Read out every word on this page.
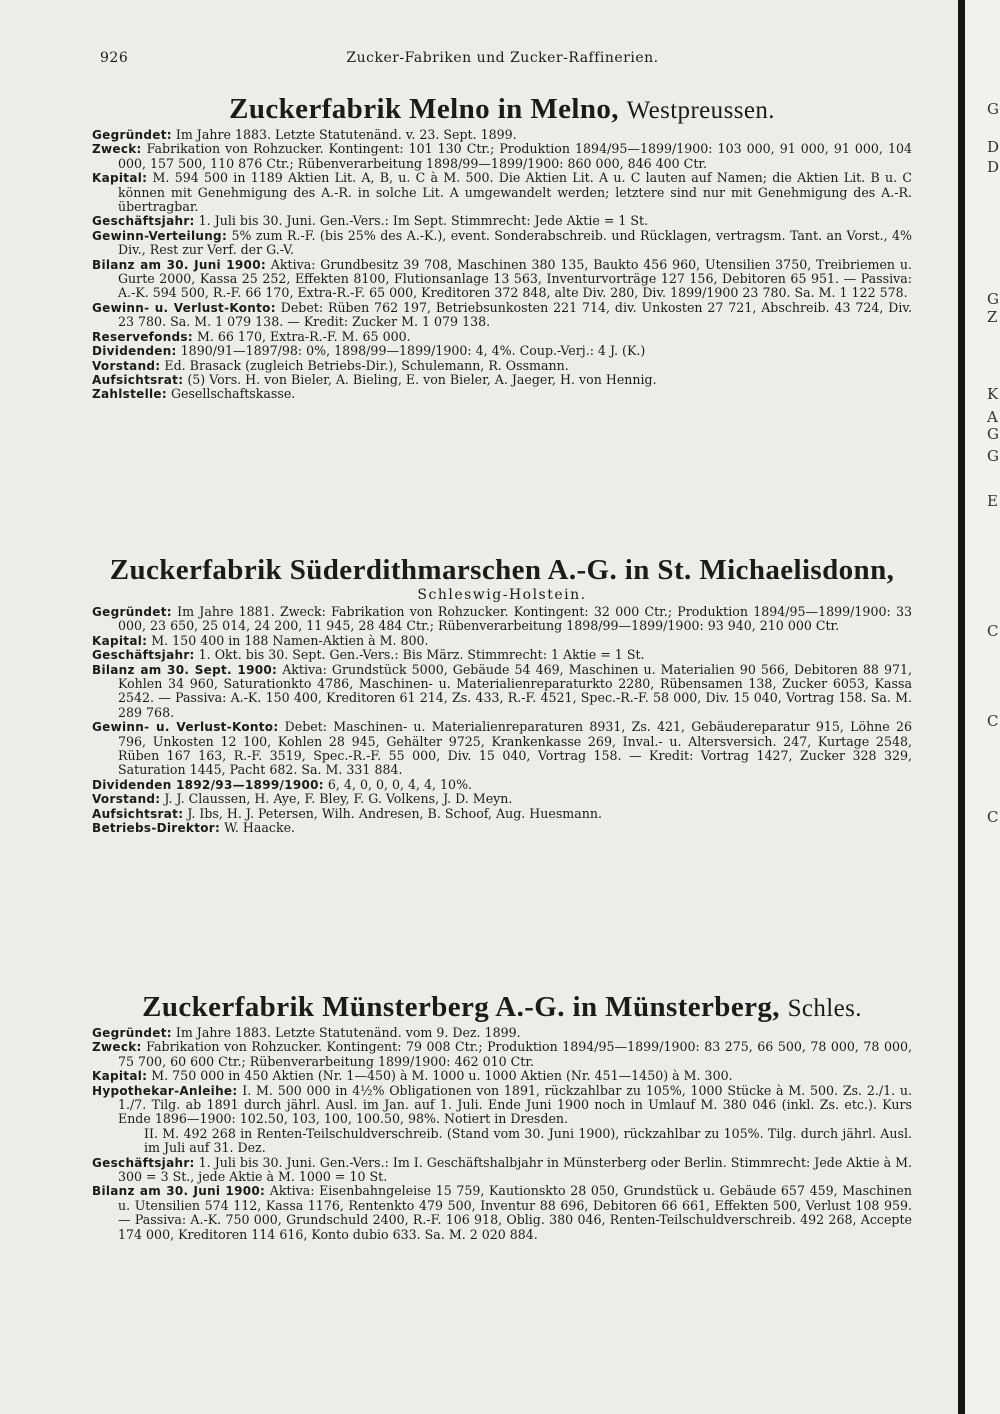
926	Zucker-Fabriken und Zucker-Raffinerien.
Zuckerfabrik Melno in Melno, Westpreussen.

Gegründet: Im Jahre 1883. Letzte Statutenänd. v. 23. Sept. 1899.

Zweck: Fabrikation von Rohzucker. Kontingent: 101 130 Ctr.; Produktion 1894/95—1899/1900: 103 000, 91 000, 91 000, 104 000, 157 500, 110 876 Ctr.; Rübenverarbeitung 1898/99—1899/1900: 860 000, 846 400 Ctr.

Kapital: M. 594 500 in 1189 Aktien Lit. A, B, u. C à M. 500. Die Aktien Lit. A u. C lauten auf Namen; die Aktien Lit. B u. C können mit Genehmigung des A.-R. in solche Lit. A umgewandelt werden; letztere sind nur mit Genehmigung des A.-R. übertragbar.

Geschäftsjahr: 1. Juli bis 30. Juni. Gen.-Vers.: Im Sept. Stimmrecht: Jede Aktie = 1 St.

Gewinn-Verteilung: 5% zum R.-F. (bis 25% des A.-K.), event. Sonderabschreib. und Rücklagen, vertragsm. Tant. an Vorst., 4% Div., Rest zur Verf. der G.-V.

Bilanz am 30. Juni 1900: Aktiva: Grundbesitz 39 708, Maschinen 380 135, Baukto 456 960, Utensilien 3750, Treibriemen u. Gurte 2000, Kassa 25 252, Effekten 8100, Flutionsanlage 13 563, Inventurvorträge 127 156, Debitoren 65 951. — Passiva: A.-K. 594 500, R.-F. 66 170, Extra-R.-F. 65 000, Kreditoren 372 848, alte Div. 280, Div. 1899/1900 23 780. Sa. M. 1 122 578.

Gewinn- u. Verlust-Konto: Debet: Rüben 762 197, Betriebsunkosten 221 714, div. Unkosten 27 721, Abschreib. 43 724, Div. 23 780. Sa. M. 1 079 138. — Kredit: Zucker M. 1 079 138.

Reservefonds: M. 66 170, Extra-R.-F. M. 65 000.

Dividenden: 1890/91—1897/98: 0%, 1898/99—1899/1900: 4, 4%. Coup.-Verj.: 4 J. (K.)

Vorstand: Ed. Brasack (zugleich Betriebs-Dir.), Schulemann, R. Ossmann.

Aufsichtsrat: (5) Vors. H. von Bieler, A. Bieling, E. von Bieler, A. Jaeger, H. von Hennig.

Zahlstelle: Gesellschaftskasse.

Zuckerfabrik Süderdithmarschen A.-G. in St. Michaelisdonn,
Schleswig-Holstein.

Gegründet: Im Jahre 1881. Zweck: Fabrikation von Rohzucker. Kontingent: 32 000 Ctr.; Produktion 1894/95—1899/1900: 33 000, 23 650, 25 014, 24 200, 11 945, 28 484 Ctr.; Rübenverarbeitung 1898/99—1899/1900: 93 940, 210 000 Ctr.

Kapital: M. 150 400 in 188 Namen-Aktien à M. 800.

Geschäftsjahr: 1. Okt. bis 30. Sept. Gen.-Vers.: Bis März. Stimmrecht: 1 Aktie = 1 St.

Bilanz am 30. Sept. 1900: Aktiva: Grundstück 5000, Gebäude 54 469, Maschinen u. Materialien 90 566, Debitoren 88 971, Kohlen 34 960, Saturationkto 4786, Maschinen- u. Materialienreparaturkto 2280, Rübensamen 138, Zucker 6053, Kassa 2542. — Passiva: A.-K. 150 400, Kreditoren 61 214, Zs. 433, R.-F. 4521, Spec.-R.-F. 58 000, Div. 15 040, Vortrag 158. Sa. M. 289 768.

Gewinn- u. Verlust-Konto: Debet: Maschinen- u. Materialienreparaturen 8931, Zs. 421, Gebäudereparatur 915, Löhne 26 796, Unkosten 12 100, Kohlen 28 945, Gehälter 9725, Krankenkasse 269, Inval.- u. Altersversich. 247, Kurtage 2548, Rüben 167 163, R.-F. 3519, Spec.-R.-F. 55 000, Div. 15 040, Vortrag 158. — Kredit: Vortrag 1427, Zucker 328 329, Saturation 1445, Pacht 682. Sa. M. 331 884.

Dividenden 1892/93—1899/1900: 6, 4, 0, 0, 0, 4, 4, 10%.

Vorstand: J. J. Claussen, H. Aye, F. Bley, F. G. Volkens, J. D. Meyn.

Aufsichtsrat: J. Ibs, H. J. Petersen, Wilh. Andresen, B. Schoof, Aug. Huesmann.

Betriebs-Direktor: W. Haacke.

Zuckerfabrik Münsterberg A.-G. in Münsterberg, Schles.

Gegründet: Im Jahre 1883. Letzte Statutenänd. vom 9. Dez. 1899.

Zweck: Fabrikation von Rohzucker. Kontingent: 79 008 Ctr.; Produktion 1894/95—1899/1900: 83 275, 66 500, 78 000, 78 000, 75 700, 60 600 Ctr.; Rübenverarbeitung 1899/1900: 462 010 Ctr.

Kapital: M. 750 000 in 450 Aktien (Nr. 1—450) à M. 1000 u. 1000 Aktien (Nr. 451—1450) à M. 300.

Hypothekar-Anleihe: I. M. 500 000 in 4½% Obligationen von 1891, rückzahlbar zu 105%, 1000 Stücke à M. 500. Zs. 2./1. u. 1./7. Tilg. ab 1891 durch jährl. Ausl. im Jan. auf 1. Juli. Ende Juni 1900 noch in Umlauf M. 380 046 (inkl. Zs. etc.). Kurs Ende 1896—1900: 102.50, 103, 100, 100.50, 98%. Notiert in Dresden.

II. M. 492 268 in Renten-Teilschuldverschreib. (Stand vom 30. Juni 1900), rückzahlbar zu 105%. Tilg. durch jährl. Ausl. im Juli auf 31. Dez.

Geschäftsjahr: 1. Juli bis 30. Juni. Gen.-Vers.: Im I. Geschäftshalbjahr in Münsterberg oder Berlin. Stimmrecht: Jede Aktie à M. 300 = 3 St., jede Aktie à M. 1000 = 10 St.

Bilanz am 30. Juni 1900: Aktiva: Eisenbahngeleise 15 759, Kautionskto 28 050, Grundstück u. Gebäude 657 459, Maschinen u. Utensilien 574 112, Kassa 1176, Rentenkto 479 500, Inventur 88 696, Debitoren 66 661, Effekten 500, Verlust 108 959. — Passiva: A.-K. 750 000, Grundschuld 2400, R.-F. 106 918, Oblig. 380 046, Renten-Teilschuldverschreib. 492 268, Accepte 174 000, Kreditoren 114 616, Konto dubio 633. Sa. M. 2 020 884.

G
D
D
G
Z
K
A
G
G
E
C
C
C
